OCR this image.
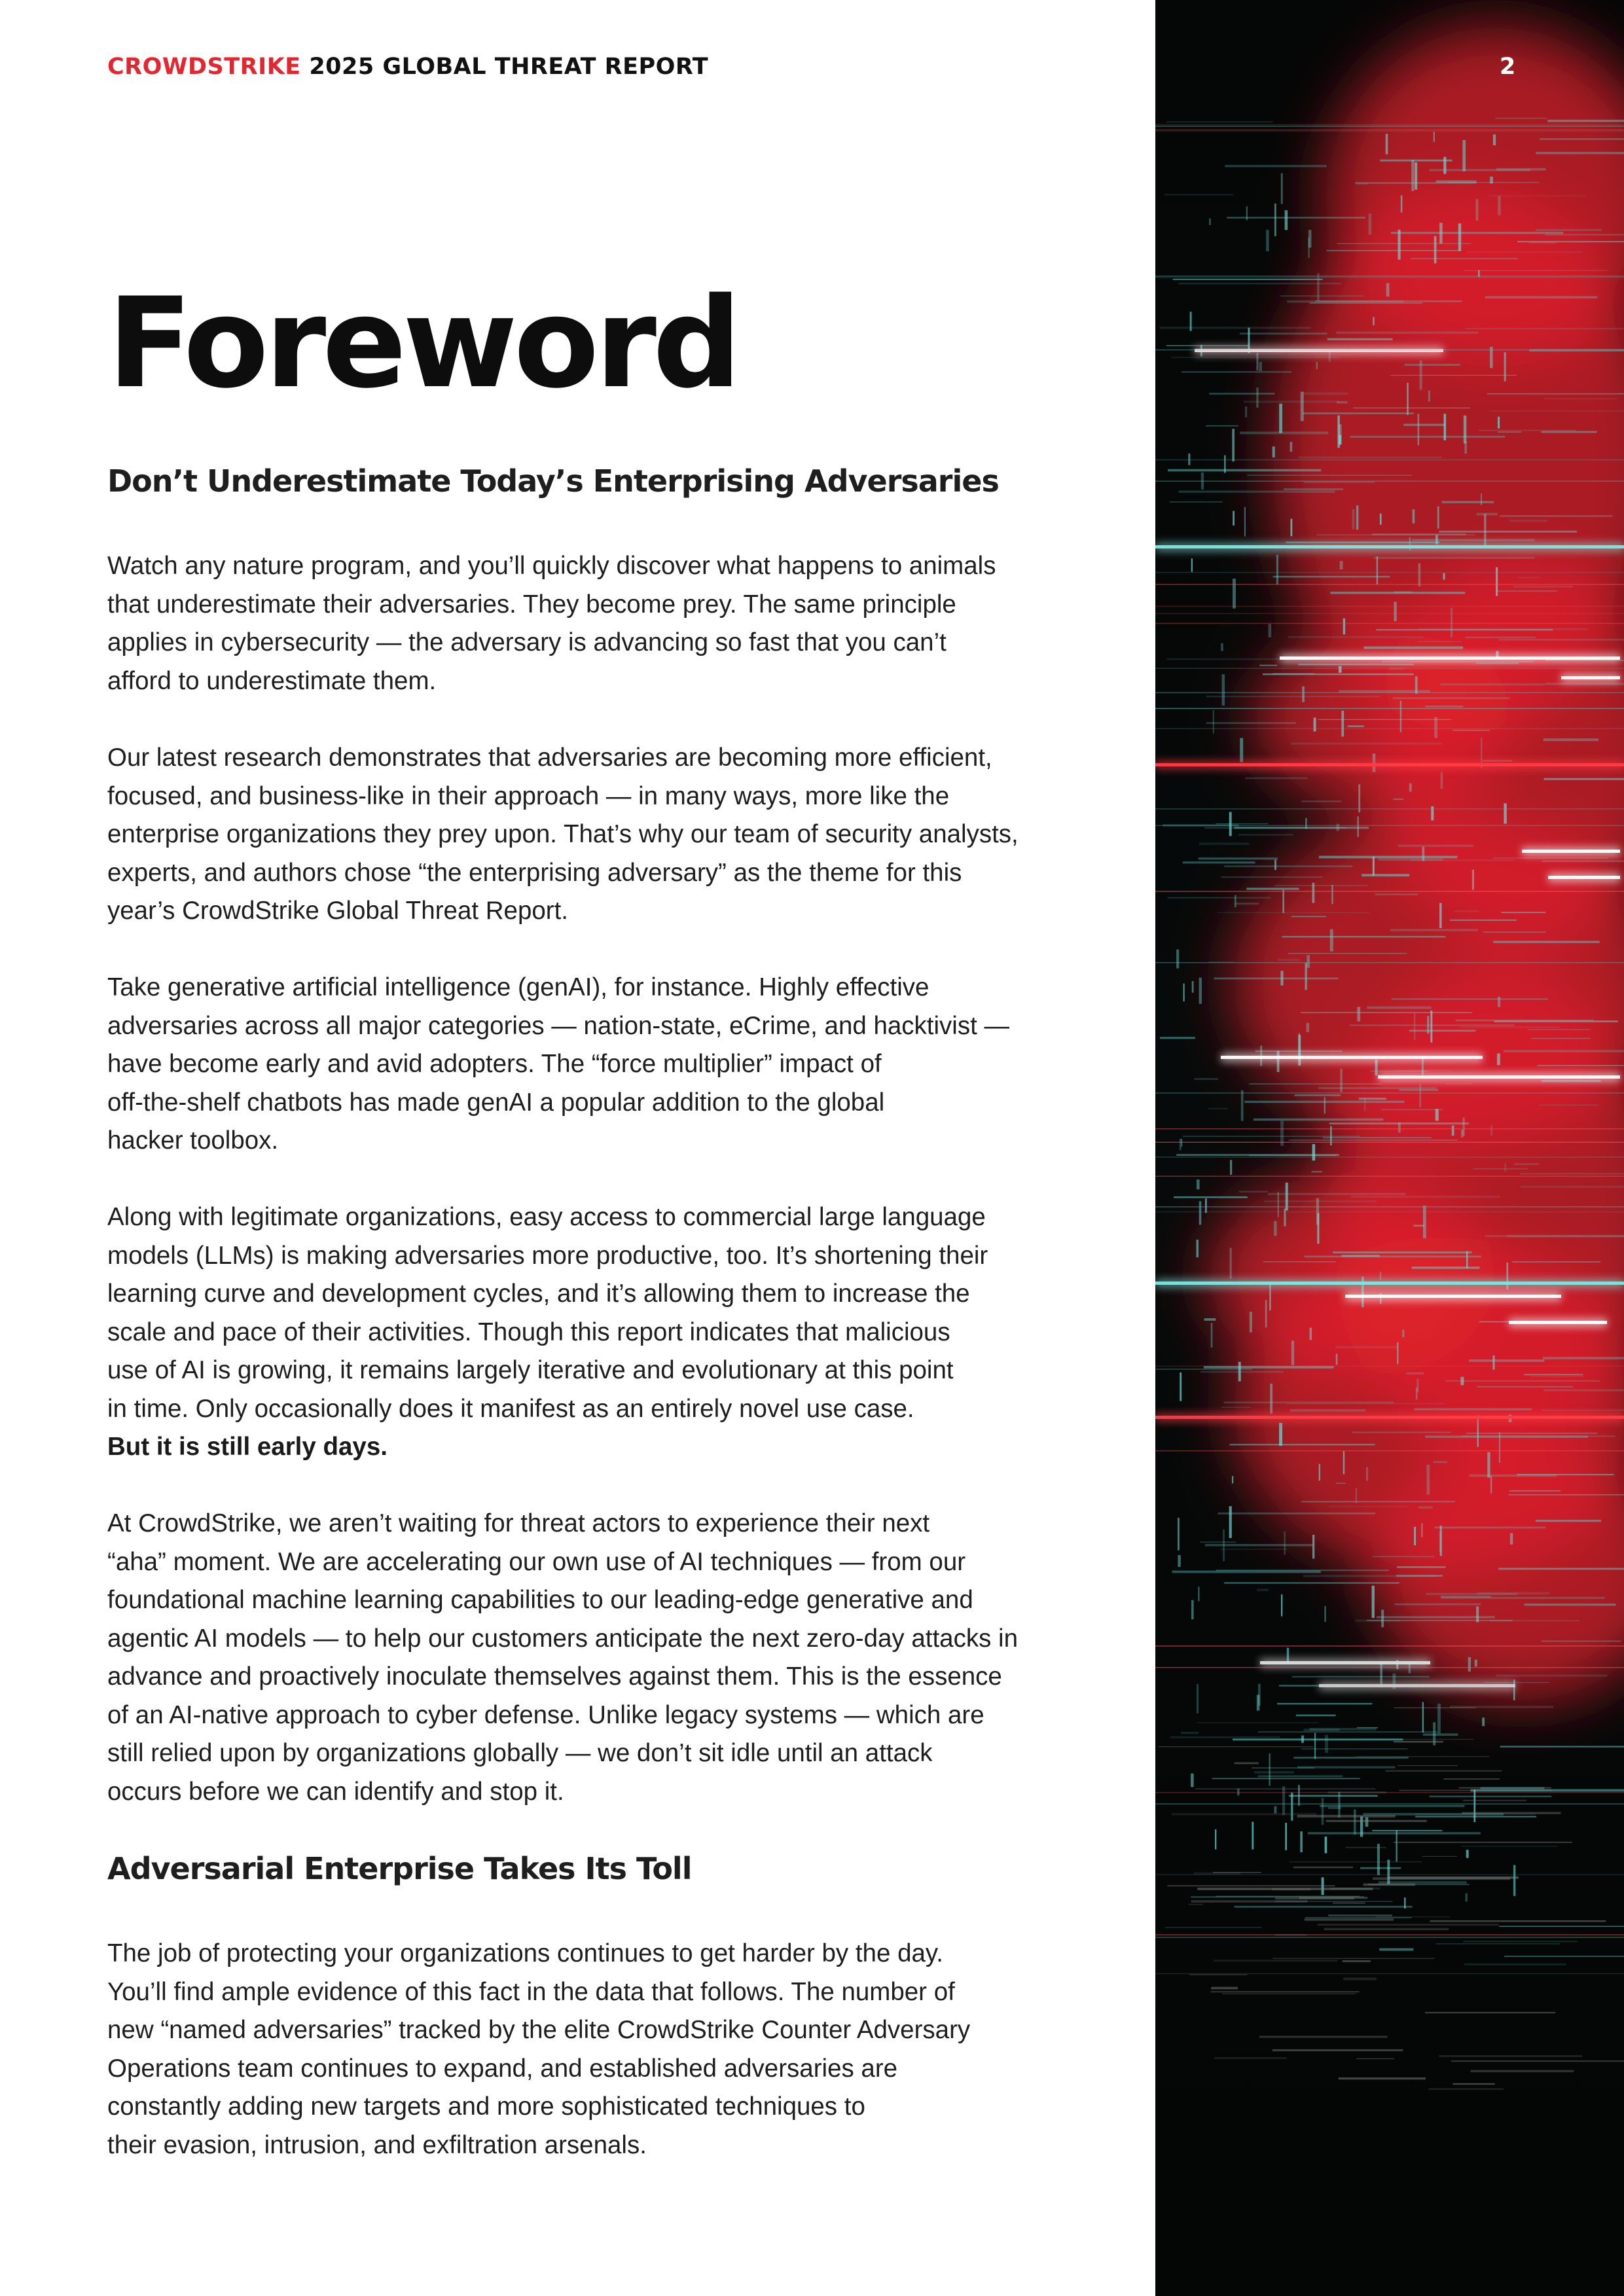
CROWDSTRIKE 2025 GLOBAL THREAT REPORT	2
Foreword
Don’t Underestimate Today’s Enterprising Adversaries

Watch any nature program, and you’ll quickly discover what happens to animals
that underestimate their adversaries. They become prey. The same principle
applies in cybersecurity — the adversary is advancing so fast that you can’t
afford to underestimate them.

Our latest research demonstrates that adversaries are becoming more efficient,
focused, and business-like in their approach — in many ways, more like the
enterprise organizations they prey upon. That’s why our team of security analysts,
experts, and authors chose “the enterprising adversary” as the theme for this
year’s CrowdStrike Global Threat Report.

Take generative artificial intelligence (genAI), for instance. Highly effective
adversaries across all major categories — nation-state, eCrime, and hacktivist —
have become early and avid adopters. The “force multiplier” impact of
off-the-shelf chatbots has made genAI a popular addition to the global
hacker toolbox.

Along with legitimate organizations, easy access to commercial large language
models (LLMs) is making adversaries more productive, too. It’s shortening their
learning curve and development cycles, and it’s allowing them to increase the
scale and pace of their activities. Though this report indicates that malicious
use of AI is growing, it remains largely iterative and evolutionary at this point
in time. Only occasionally does it manifest as an entirely novel use case.
But it is still early days.

At CrowdStrike, we aren’t waiting for threat actors to experience their next
“aha” moment. We are accelerating our own use of AI techniques — from our
foundational machine learning capabilities to our leading-edge generative and
agentic AI models — to help our customers anticipate the next zero-day attacks in
advance and proactively inoculate themselves against them. This is the essence
of an AI-native approach to cyber defense. Unlike legacy systems — which are
still relied upon by organizations globally — we don’t sit idle until an attack
occurs before we can identify and stop it.

Adversarial Enterprise Takes Its Toll

The job of protecting your organizations continues to get harder by the day.
You’ll find ample evidence of this fact in the data that follows. The number of
new “named adversaries” tracked by the elite CrowdStrike Counter Adversary
Operations team continues to expand, and established adversaries are
constantly adding new targets and more sophisticated techniques to
their evasion, intrusion, and exfiltration arsenals.
